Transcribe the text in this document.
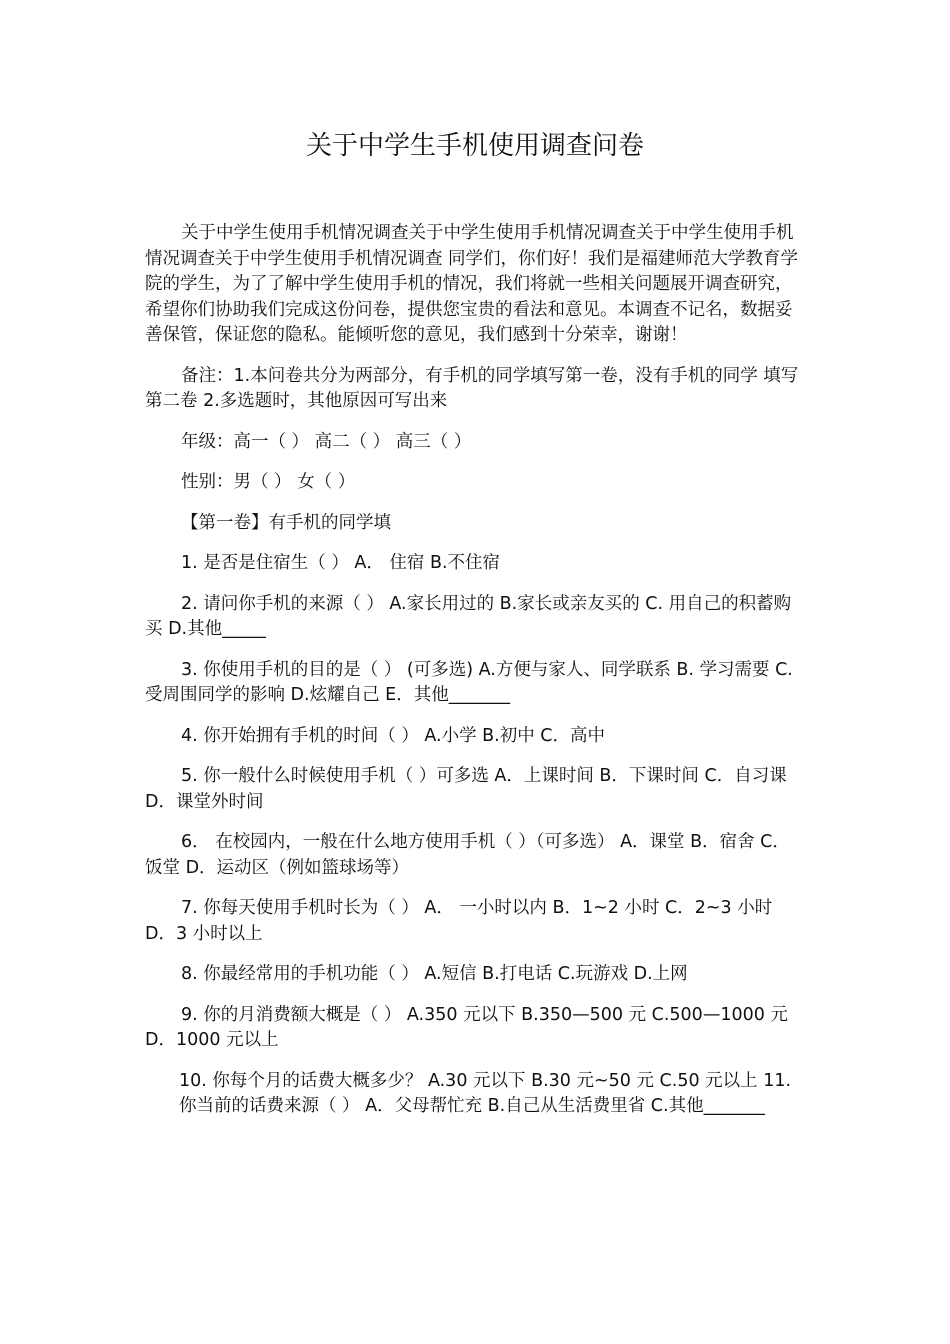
关于中学生手机使用调查问卷

关于中学生使用手机情况调查关于中学生使用手机情况调查关于中学生使用手机情况调查关于中学生使用手机情况调查 同学们，你们好！我们是福建师范大学教育学院的学生，为了了解中学生使用手机的情况，我们将就一些相关问题展开调查研究，希望你们协助我们完成这份问卷，提供您宝贵的看法和意见。本调查不记名，数据妥善保管，保证您的隐私。能倾听您的意见，我们感到十分荣幸，谢谢！

备注：1.本问卷共分为两部分，有手机的同学填写第一卷，没有手机的同学 填写第二卷 2.多选题时，其他原因可写出来

年级：高一（ ） 高二（ ） 高三（ ）

性别：男（ ） 女（ ）

【第一卷】有手机的同学填

1. 是否是住宿生（ ） A． 住宿 B.不住宿

2. 请问你手机的来源（ ） A.家长用过的 B.家长或亲友买的 C. 用自己的积蓄购买 D.其他_____

3. 你使用手机的目的是（ ） (可多选) A.方便与家人、同学联系 B. 学习需要 C.受周围同学的影响 D.炫耀自己 E．其他_______

4. 你开始拥有手机的时间（ ） A.小学 B.初中 C．高中

5. 你一般什么时候使用手机（ ）可多选 A．上课时间 B．下课时间 C．自习课 D．课堂外时间

6． 在校园内，一般在什么地方使用手机（ ）（可多选） A．课堂 B．宿舍 C．饭堂 D．运动区（例如篮球场等）

7. 你每天使用手机时长为（ ） A． 一小时以内 B．1~2 小时 C．2~3 小时 D．3 小时以上

8. 你最经常用的手机功能（ ） A.短信 B.打电话 C.玩游戏 D.上网

9. 你的月消费额大概是（ ） A.350 元以下 B.350—500 元 C.500—1000 元 D．1000 元以上

10. 你每个月的话费大概多少？ A.30 元以下 B.30 元~50 元 C.50 元以上 11. 你当前的话费来源（ ） A．父母帮忙充 B.自己从生活费里省 C.其他_______
